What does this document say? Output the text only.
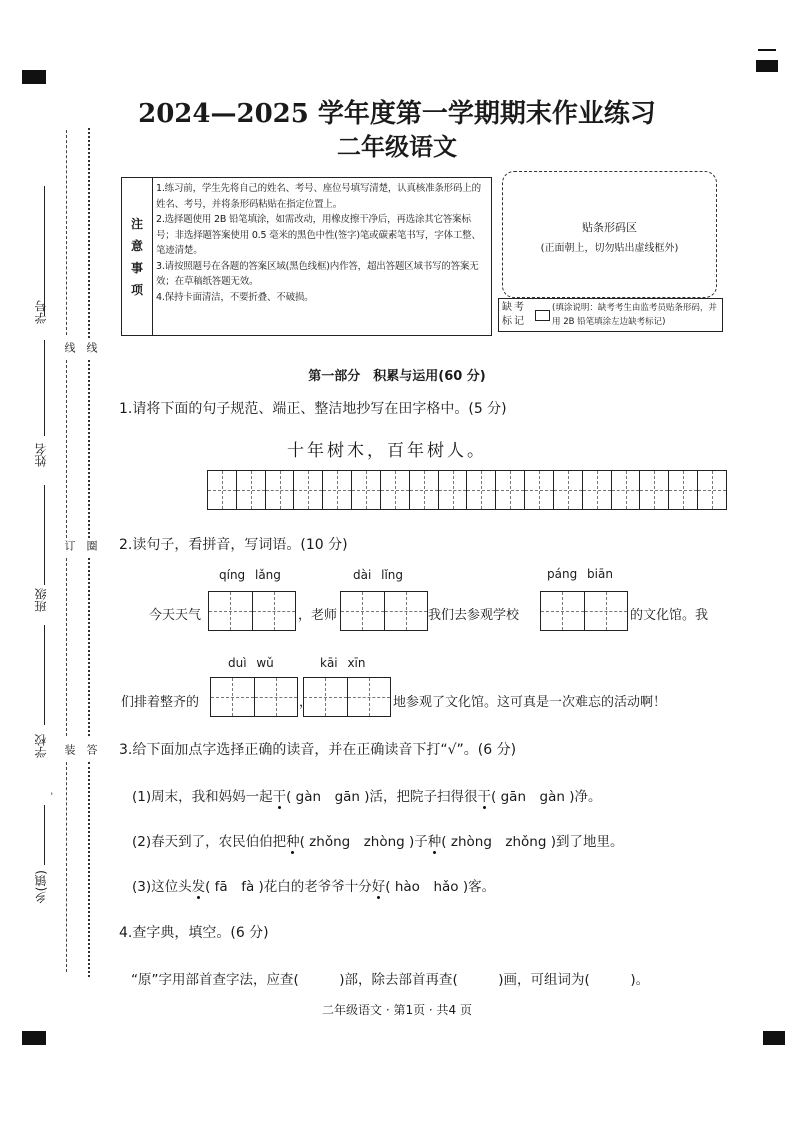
学号
姓名
班级
学校
-
乡(镇)
线
订
装
线
圈
答
2024—2025 学年度第一学期期末作业练习
二年级语文
注
意
事
项

1.练习前，学生先将自己的姓名、考号、座位号填写清楚，认真核准条形码上的姓名、考号，并将条形码粘贴在指定位置上。

2.选择题使用 2B 铅笔填涂，如需改动，用橡皮擦干净后，再选涂其它答案标号；非选择题答案使用 0.5 毫米的黑色中性(签字)笔或碳素笔书写，字体工整、笔迹清楚。

3.请按照题号在各题的答案区域(黑色线框)内作答，超出答题区域书写的答案无效；在草稿纸答题无效。

4.保持卡面清洁，不要折叠、不破损。

贴条形码区
(正面朝上，切勿贴出虚线框外)
缺考标记
(填涂说明：缺考考生由监考员贴条形码，并用 2B 铅笔填涂左边缺考标记)
第一部分　积累与运用(60 分)
1.请将下面的句子规范、端正、整洁地抄写在田字格中。(5 分)
十年树木，百年树人。
2.读句子，看拼音，写词语。(10 分)
qíng lǎng	dài lǐng	páng biān
今天天气	，老师	我们去参观学校	的文化馆。我
duì wǔ	kāi xīn
们排着整齐的	，	地参观了文化馆。这可真是一次难忘的活动啊！
3.给下面加点字选择正确的读音，并在正确读音下打“√”。(6 分)
(1)周末，我和妈妈一起干( gàn　gān )活，把院子扫得很干( gān　gàn )净。
(2)春天到了，农民伯伯把种( zhǒng　zhòng )子种( zhòng　zhǒng )到了地里。
(3)这位头发( fā　fà )花白的老爷爷十分好( hào　hǎo )客。
4.查字典，填空。(6 分)
“原”字用部首查字法，应查(　　　)部，除去部首再查(　　　)画，可组词为(　　　)。
二年级语文 · 第1页 · 共4 页
